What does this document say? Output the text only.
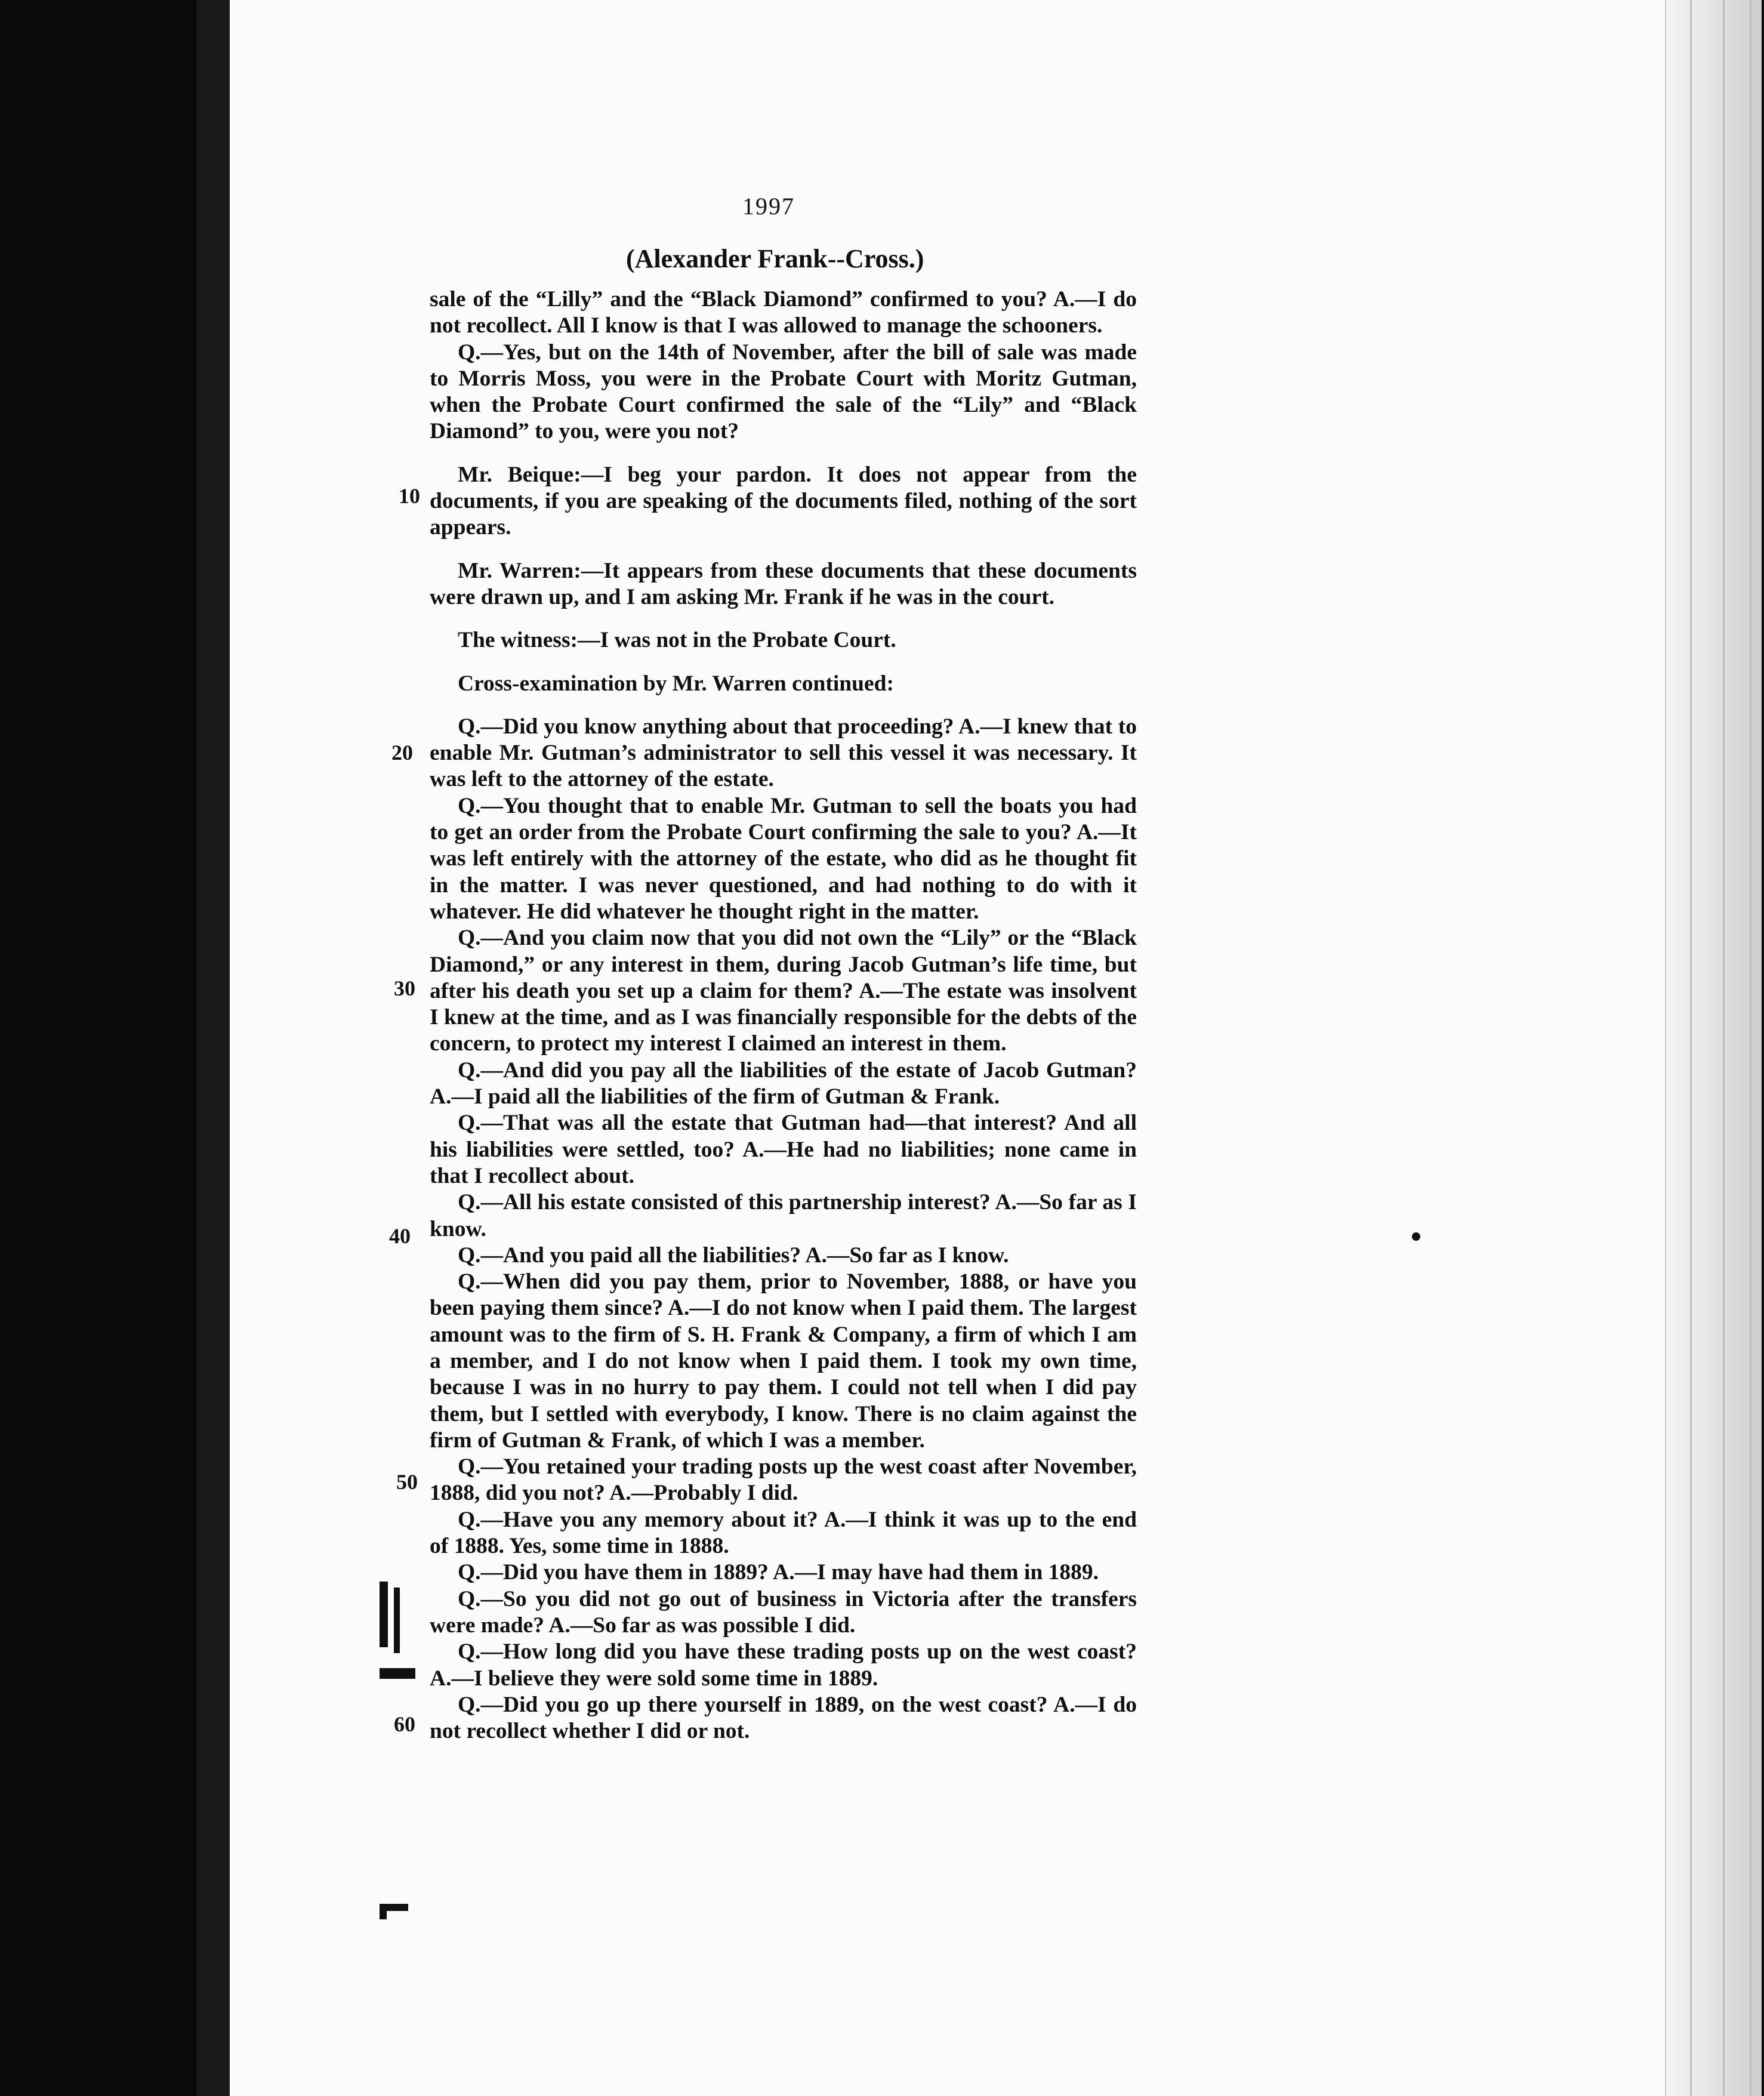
1997
(Alexander Frank--Cross.)
10
20
30
40
50
60

sale of the “Lilly” and the “Black Diamond” confirmed to you? A.—I do not recollect. All I know is that I was allowed to manage the schooners.

Q.—Yes, but on the 14th of November, after the bill of sale was made to Morris Moss, you were in the Probate Court with Moritz Gutman, when the Probate Court confirmed the sale of the “Lily” and “Black Diamond” to you, were you not?

Mr. Beique:—I beg your pardon. It does not appear from the documents, if you are speaking of the documents filed, nothing of the sort appears.

Mr. Warren:—It appears from these documents that these documents were drawn up, and I am asking Mr. Frank if he was in the court.

The witness:—I was not in the Probate Court.

Cross-examination by Mr. Warren continued:

Q.—Did you know anything about that proceeding? A.—I knew that to enable Mr. Gutman’s administrator to sell this vessel it was necessary. It was left to the attorney of the estate.

Q.—You thought that to enable Mr. Gutman to sell the boats you had to get an order from the Probate Court confirming the sale to you? A.—It was left entirely with the attorney of the estate, who did as he thought fit in the matter. I was never questioned, and had nothing to do with it whatever. He did whatever he thought right in the matter.

Q.—And you claim now that you did not own the “Lily” or the “Black Diamond,” or any interest in them, during Jacob Gutman’s life time, but after his death you set up a claim for them? A.—The estate was insolvent I knew at the time, and as I was financially responsible for the debts of the concern, to protect my interest I claimed an interest in them.

Q.—And did you pay all the liabilities of the estate of Jacob Gutman? A.—I paid all the liabilities of the firm of Gutman & Frank.

Q.—That was all the estate that Gutman had—that interest? And all his liabilities were settled, too? A.—He had no liabilities; none came in that I recollect about.

Q.—All his estate consisted of this partnership interest? A.—So far as I know.

Q.—And you paid all the liabilities? A.—So far as I know.

Q.—When did you pay them, prior to November, 1888, or have you been paying them since? A.—I do not know when I paid them. The largest amount was to the firm of S. H. Frank & Company, a firm of which I am a member, and I do not know when I paid them. I took my own time, because I was in no hurry to pay them. I could not tell when I did pay them, but I settled with everybody, I know. There is no claim against the firm of Gutman & Frank, of which I was a member.

Q.—You retained your trading posts up the west coast after November, 1888, did you not? A.—Probably I did.

Q.—Have you any memory about it? A.—I think it was up to the end of 1888. Yes, some time in 1888.

Q.—Did you have them in 1889? A.—I may have had them in 1889.

Q.—So you did not go out of business in Victoria after the transfers were made? A.—So far as was possible I did.

Q.—How long did you have these trading posts up on the west coast? A.—I believe they were sold some time in 1889.

Q.—Did you go up there yourself in 1889, on the west coast? A.—I do not recollect whether I did or not.
